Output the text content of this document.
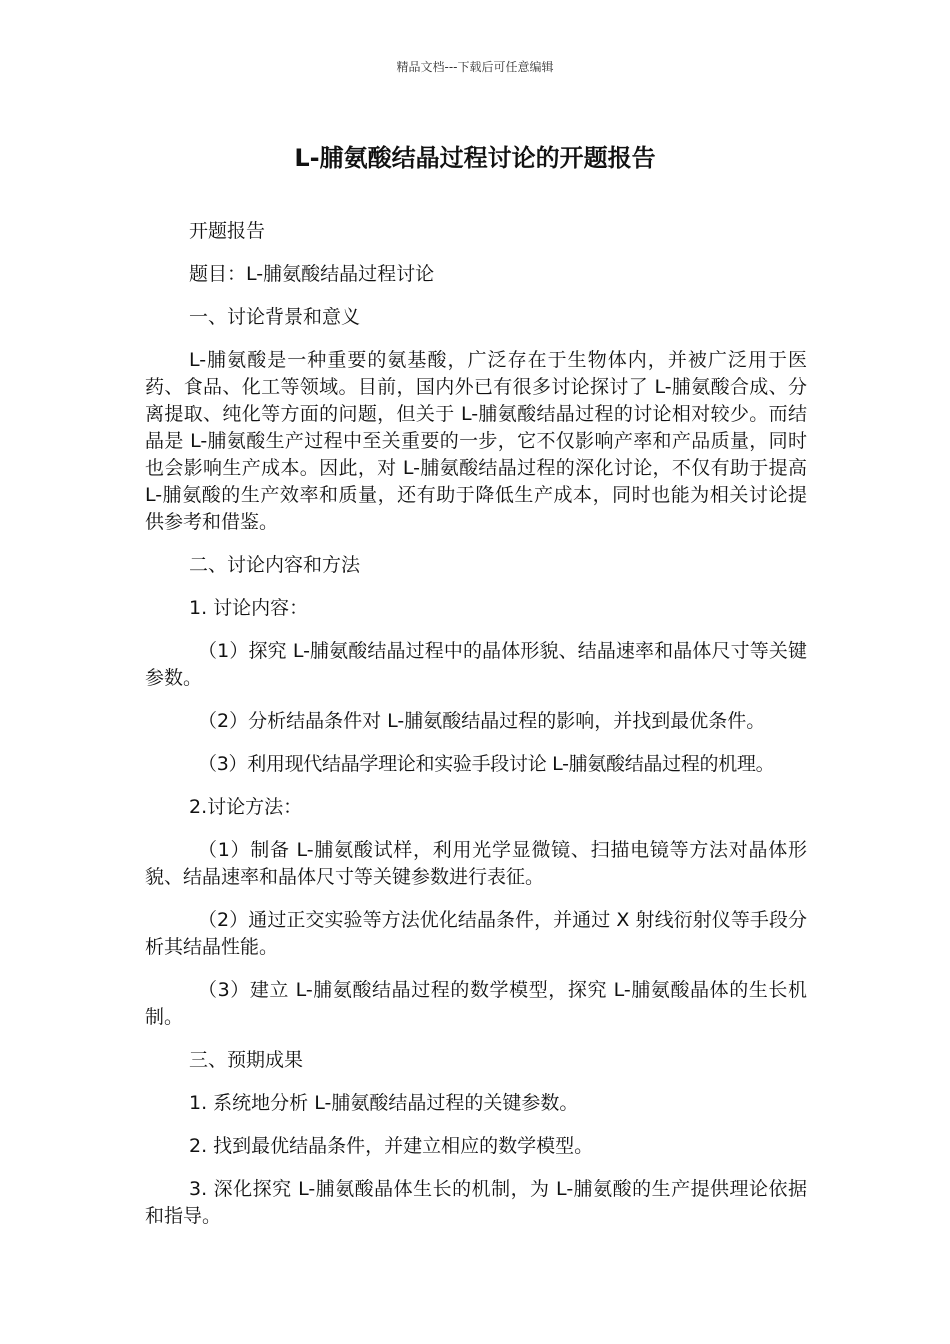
精品文档---下载后可任意编辑
L-脯氨酸结晶过程讨论的开题报告

开题报告

题目：L-脯氨酸结晶过程讨论

一、讨论背景和意义

L-脯氨酸是一种重要的氨基酸，广泛存在于生物体内，并被广泛用于医药、食品、化工等领域。目前，国内外已有很多讨论探讨了 L-脯氨酸合成、分离提取、纯化等方面的问题，但关于 L-脯氨酸结晶过程的讨论相对较少。而结晶是 L-脯氨酸生产过程中至关重要的一步，它不仅影响产率和产品质量，同时也会影响生产成本。因此，对 L-脯氨酸结晶过程的深化讨论，不仅有助于提高 L-脯氨酸的生产效率和质量，还有助于降低生产成本，同时也能为相关讨论提供参考和借鉴。

二、讨论内容和方法

1. 讨论内容：

（1）探究 L-脯氨酸结晶过程中的晶体形貌、结晶速率和晶体尺寸等关键参数。

（2）分析结晶条件对 L-脯氨酸结晶过程的影响，并找到最优条件。

（3）利用现代结晶学理论和实验手段讨论 L-脯氨酸结晶过程的机理。

2.讨论方法：

（1）制备 L-脯氨酸试样，利用光学显微镜、扫描电镜等方法对晶体形貌、结晶速率和晶体尺寸等关键参数进行表征。

（2）通过正交实验等方法优化结晶条件，并通过 X 射线衍射仪等手段分析其结晶性能。

（3）建立 L-脯氨酸结晶过程的数学模型，探究 L-脯氨酸晶体的生长机制。

三、预期成果

1. 系统地分析 L-脯氨酸结晶过程的关键参数。

2. 找到最优结晶条件，并建立相应的数学模型。

3. 深化探究 L-脯氨酸晶体生长的机制，为 L-脯氨酸的生产提供理论依据和指导。
